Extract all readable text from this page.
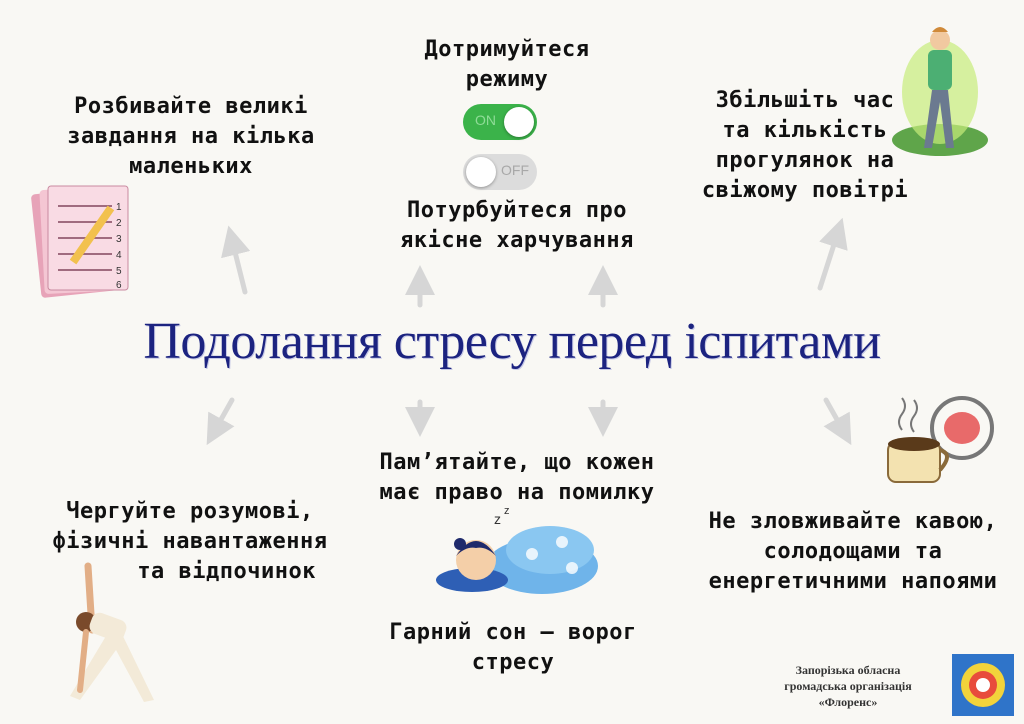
Подолання стресу перед іспитами
Розбивайте великі
завдання на кілька
маленьких
Дотримуйтеся
режиму
ON
OFF
Потурбуйтеся про
якісне харчування
Збільшіть час
та кількість
прогулянок на
свіжому повітрі
Чергуйте розумові,
фізичні навантаження
та відпочинок
Пам’ятайте, що кожен
має право на помилку
Гарний сон – ворог
стресу
Не зловживайте кавою,
солодощами та
енергетичними напоями
1
2
3
4
5
6
z z
Запорізька обласна
громадська організація
«Флоренс»
